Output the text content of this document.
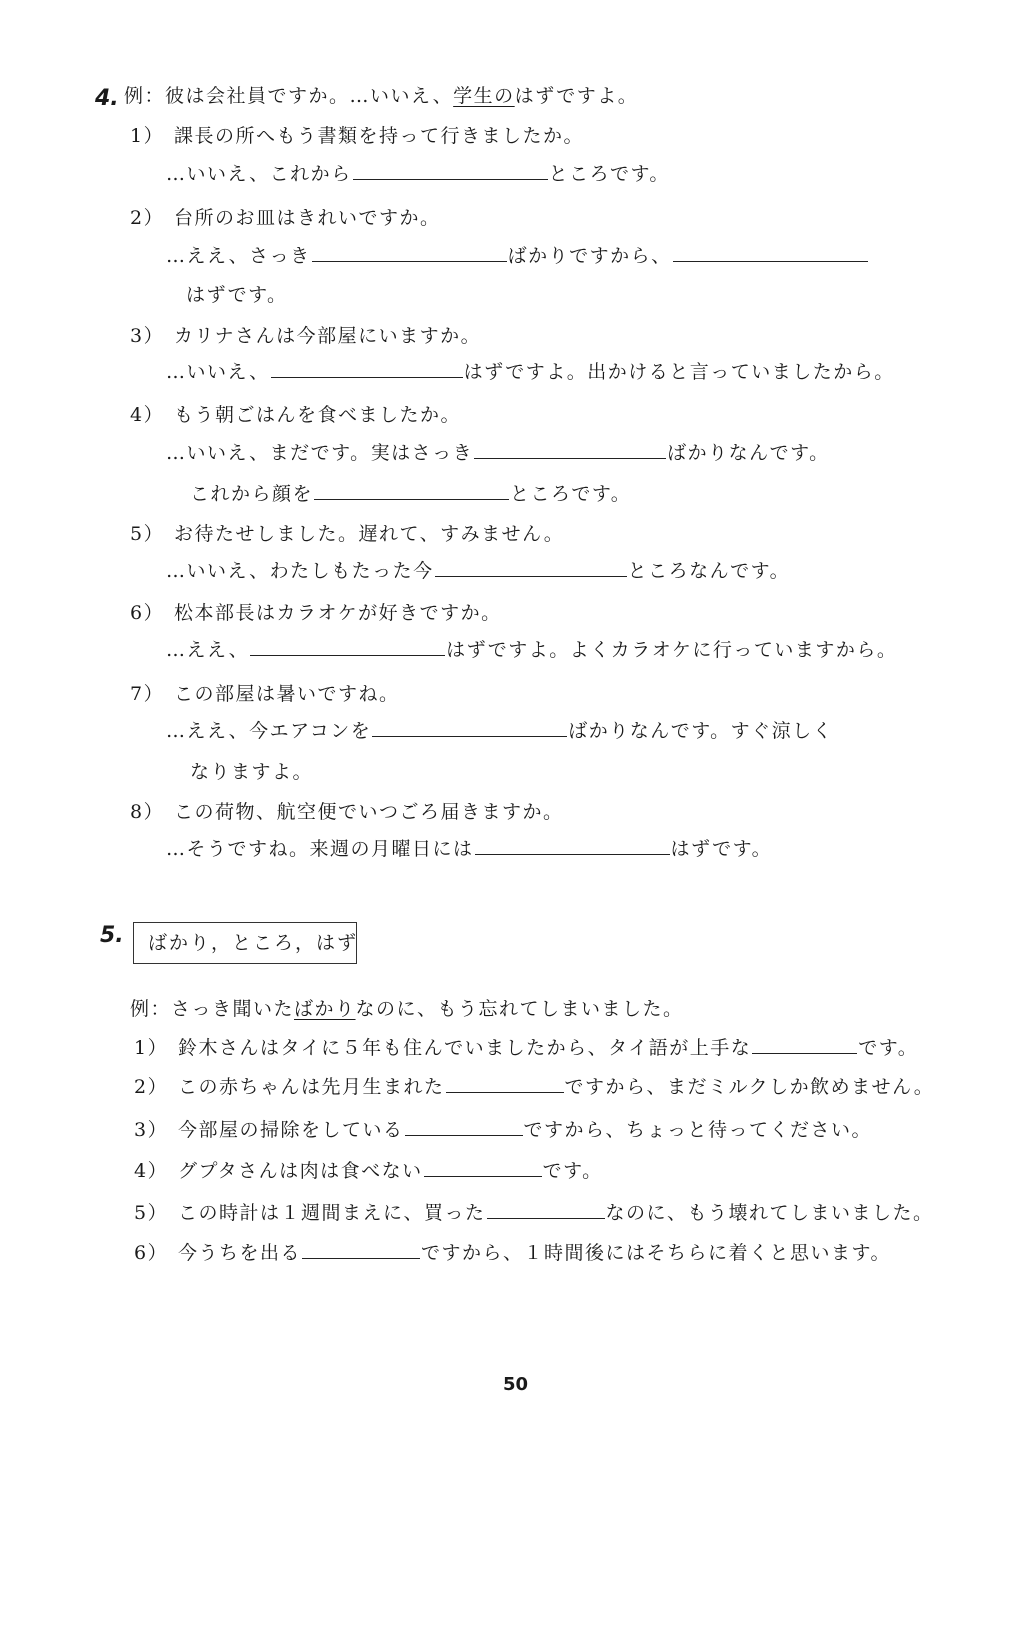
4. 例：彼は会社員ですか。…いいえ、学生のはずですよ。
1） 課長の所へもう書類を持って行きましたか。
…いいえ、これから	ところです。
2） 台所のお皿はきれいですか。
…ええ、さっき	ばかりですから、
はずです。
3） カリナさんは今部屋にいますか。
…いいえ、	はずですよ。出かけると言っていましたから。
4） もう朝ごはんを食べましたか。
…いいえ、まだです。実はさっき	ばかりなんです。
これから顔を	ところです。
5） お待たせしました。遅れて、すみません。
…いいえ、わたしもたった今	ところなんです。
6） 松本部長はカラオケが好きですか。
…ええ、	はずですよ。よくカラオケに行っていますから。
7） この部屋は暑いですね。
…ええ、今エアコンを	ばかりなんです。すぐ涼しく
なりますよ。
8） この荷物、航空便でいつごろ届きますか。
…そうですね。来週の月曜日には	はずです。
5.	ばかり，ところ，はず
例：さっき聞いたばかりなのに、もう忘れてしまいました。
1） 鈴木さんはタイに５年も住んでいましたから、タイ語が上手な	です。
2） この赤ちゃんは先月生まれた	ですから、まだミルクしか飲めません。
3） 今部屋の掃除をしている	ですから、ちょっと待ってください。
4） グプタさんは肉は食べない	です。
5） この時計は１週間まえに、買った	なのに、もう壊れてしまいました。
6） 今うちを出る	ですから、１時間後にはそちらに着くと思います。
50
